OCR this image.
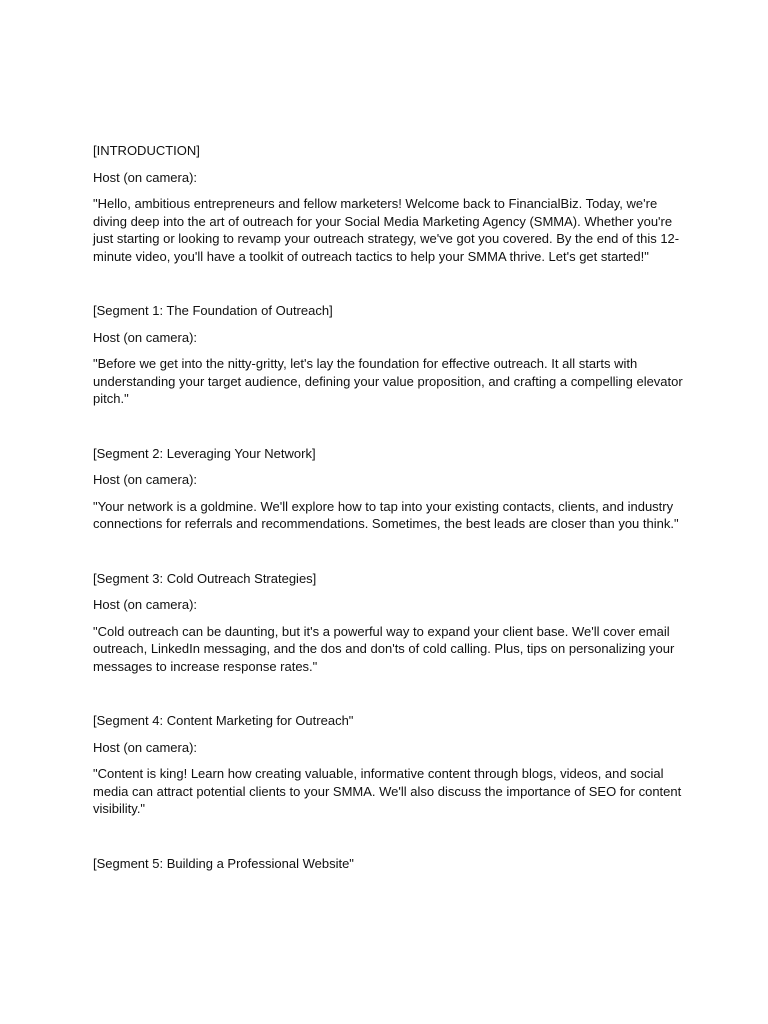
[INTRODUCTION]

Host (on camera):

"Hello, ambitious entrepreneurs and fellow marketers! Welcome back to FinancialBiz. Today, we're diving deep into the art of outreach for your Social Media Marketing Agency (SMMA). Whether you're just starting or looking to revamp your outreach strategy, we've got you covered. By the end of this 12-minute video, you'll have a toolkit of outreach tactics to help your SMMA thrive. Let's get started!"

[Segment 1: The Foundation of Outreach]

Host (on camera):

"Before we get into the nitty-gritty, let's lay the foundation for effective outreach. It all starts with understanding your target audience, defining your value proposition, and crafting a compelling elevator pitch."

[Segment 2: Leveraging Your Network]

Host (on camera):

"Your network is a goldmine. We'll explore how to tap into your existing contacts, clients, and industry connections for referrals and recommendations. Sometimes, the best leads are closer than you think."

[Segment 3: Cold Outreach Strategies]

Host (on camera):

"Cold outreach can be daunting, but it's a powerful way to expand your client base. We'll cover email outreach, LinkedIn messaging, and the dos and don'ts of cold calling. Plus, tips on personalizing your messages to increase response rates."

[Segment 4: Content Marketing for Outreach"

Host (on camera):

"Content is king! Learn how creating valuable, informative content through blogs, videos, and social media can attract potential clients to your SMMA. We'll also discuss the importance of SEO for content visibility."

[Segment 5: Building a Professional Website"
